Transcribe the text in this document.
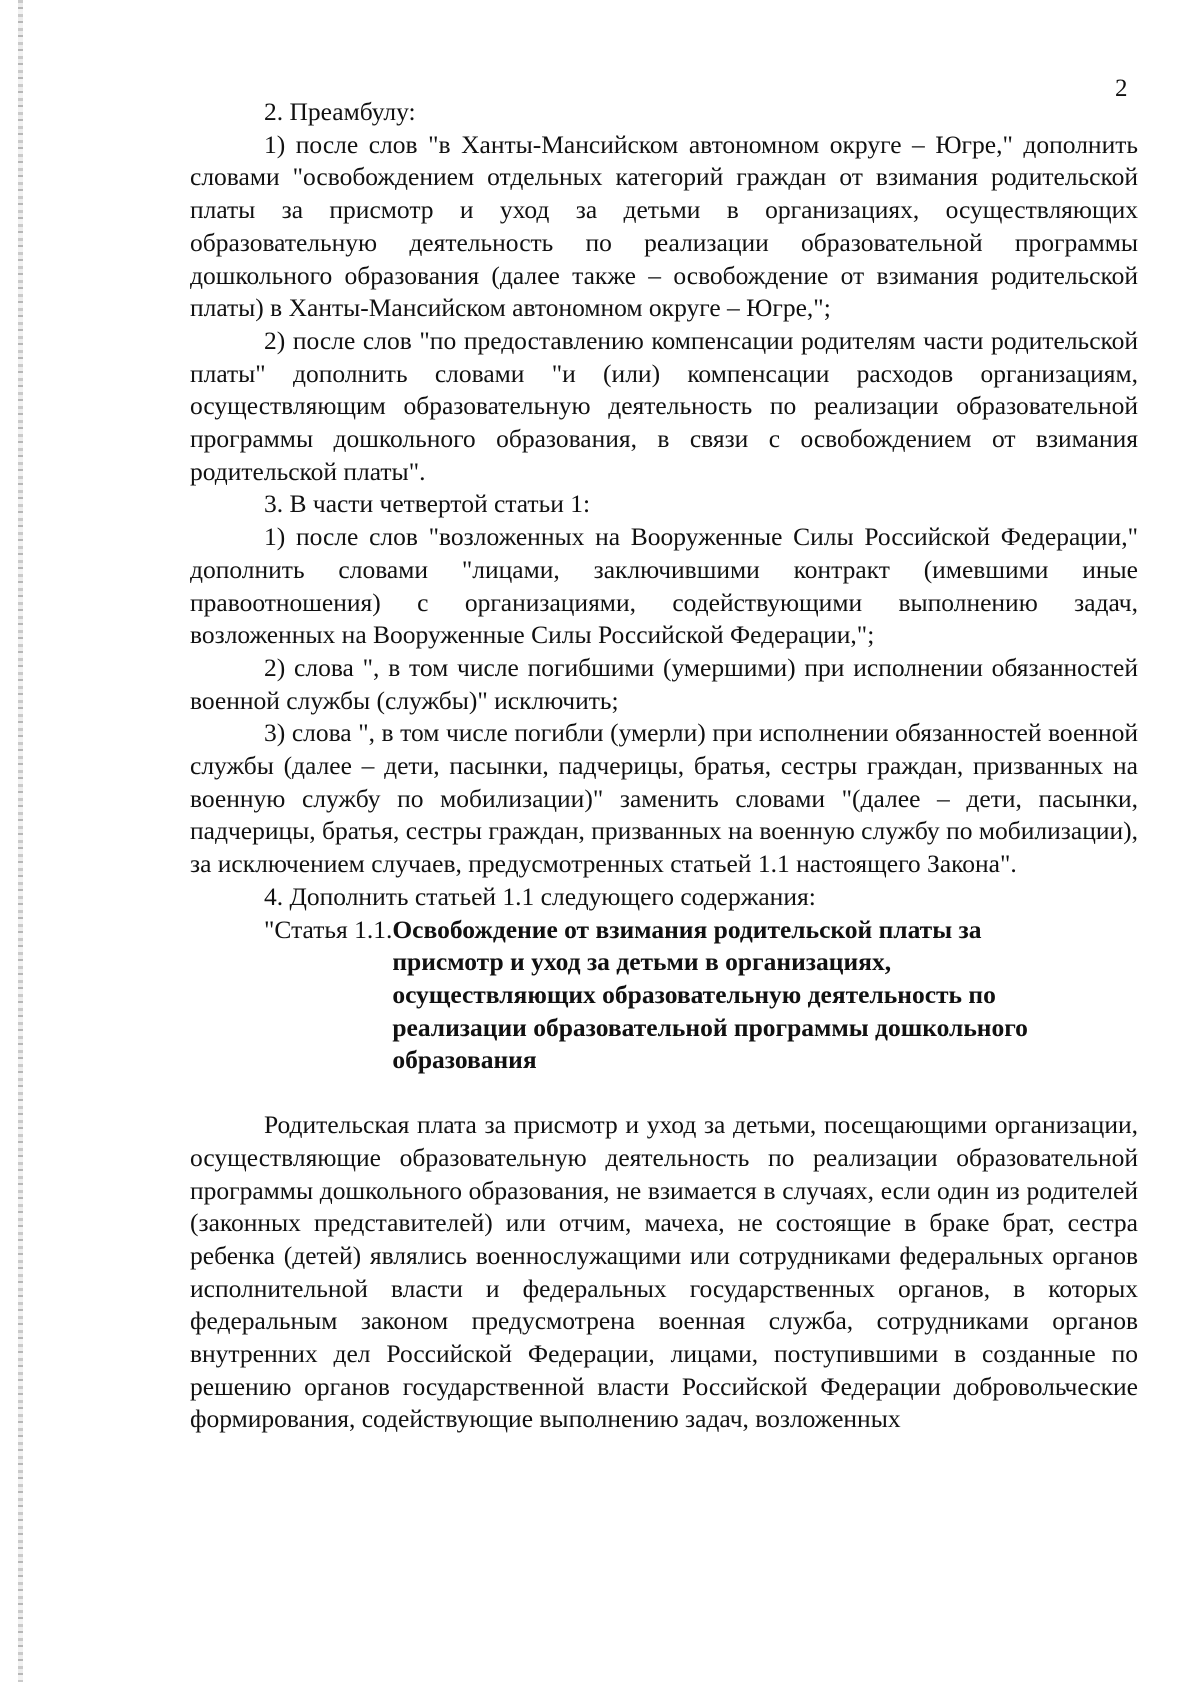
2

2. Преамбулу:

1) после слов "в Ханты-Мансийском автономном округе – Югре," дополнить словами "освобождением отдельных категорий граждан от взимания родительской платы за присмотр и уход за детьми в организациях, осуществляющих образовательную деятельность по реализации образовательной программы дошкольного образования (далее также – освобождение от взимания родительской платы) в Ханты-Мансийском автономном округе – Югре,";

2) после слов "по предоставлению компенсации родителям части родительской платы" дополнить словами "и (или) компенсации расходов организациям, осуществляющим образовательную деятельность по реализации образовательной программы дошкольного образования, в связи с освобождением от взимания родительской платы".

3. В части четвертой статьи 1:

1) после слов "возложенных на Вооруженные Силы Российской Федерации," дополнить словами "лицами, заключившими контракт (имевшими иные правоотношения) с организациями, содействующими выполнению задач, возложенных на Вооруженные Силы Российской Федерации,";

2) слова ", в том числе погибшими (умершими) при исполнении обязанностей военной службы (службы)" исключить;

3) слова ", в том числе погибли (умерли) при исполнении обязанностей военной службы (далее – дети, пасынки, падчерицы, братья, сестры граждан, призванных на военную службу по мобилизации)" заменить словами "(далее – дети, пасынки, падчерицы, братья, сестры граждан, призванных на военную службу по мобилизации), за исключением случаев, предусмотренных статьей 1.1 настоящего Закона".

4. Дополнить статьей 1.1 следующего содержания:

"Статья 1.1. Освобождение от взимания родительской платы за присмотр и уход за детьми в организациях, осуществляющих образовательную деятельность по реализации образовательной программы дошкольного образования

Родительская плата за присмотр и уход за детьми, посещающими организации, осуществляющие образовательную деятельность по реализации образовательной программы дошкольного образования, не взимается в случаях, если один из родителей (законных представителей) или отчим, мачеха, не состоящие в браке брат, сестра ребенка (детей) являлись военнослужащими или сотрудниками федеральных органов исполнительной власти и федеральных государственных органов, в которых федеральным законом предусмотрена военная служба, сотрудниками органов внутренних дел Российской Федерации, лицами, поступившими в созданные по решению органов государственной власти Российской Федерации добровольческие формирования, содействующие выполнению задач, возложенных
